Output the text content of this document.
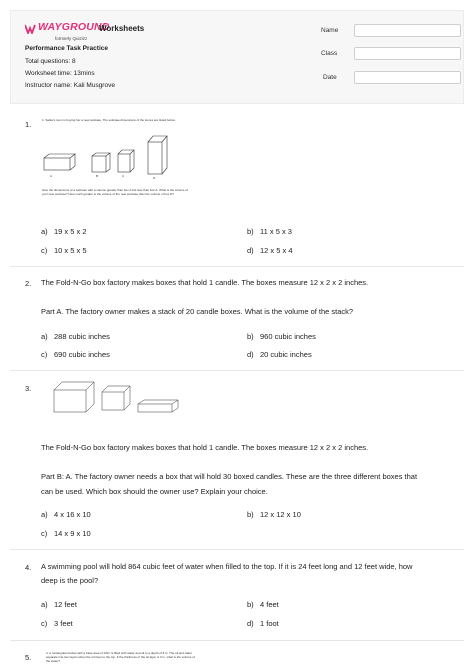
WAYGROUND
formerly Quizizz
Worksheets
Performance Task Practice
Total questions: 8
Worksheet time: 13mins
Instructor name: Kali Musgrove
Name
Class
Date
1.	1. Sadie's mom is buying her a new suitcase. The suitcase dimensions of the stores are listed below.
A	B	C	D
Give the dimensions of a suitcase with a volume greater than box A but less than box A. What is the volume of your new suitcase? How much greater is the volume of the new suitcase than the volume of box D?
a) 19 x 5 x 2	b) 11 x 5 x 3
c) 10 x 5 x 5	d) 12 x 5 x 4
2. The Fold-N-Go box factory makes boxes that hold 1 candle. The boxes measure 12 x 2 x 2 inches.
Part A. The factory owner makes a stack of 20 candle boxes. What is the volume of the stack?
a) 288 cubic inches	b) 960 cubic inches
c) 690 cubic inches	d) 20 cubic inches
3.
The Fold-N-Go box factory makes boxes that hold 1 candle. The boxes measure 12 x 2 x 2 inches.
Part B: A. The factory owner needs a box that will hold 30 boxed candles. These are the three different boxes that
can be used. Which box should the owner use? Explain your choice.
a) 4 x 16 x 10	b) 12 x 12 x 10
c) 14 x 9 x 10
4. A swimming pool will hold 864 cubic feet of water when filled to the top. If it is 24 feet long and 12 feet wide, how
deep is the pool?
a) 12 feet	b) 4 feet
c) 3 feet	d) 1 foot
5.	4. A rectangular bucket with a base area of 12in² is filled with water and oil to a depth of 8 in. The oil and water separate into two layers when the oil rises to the top. If the thickness of the oil layer is 3 in, what is the volume of the water?
